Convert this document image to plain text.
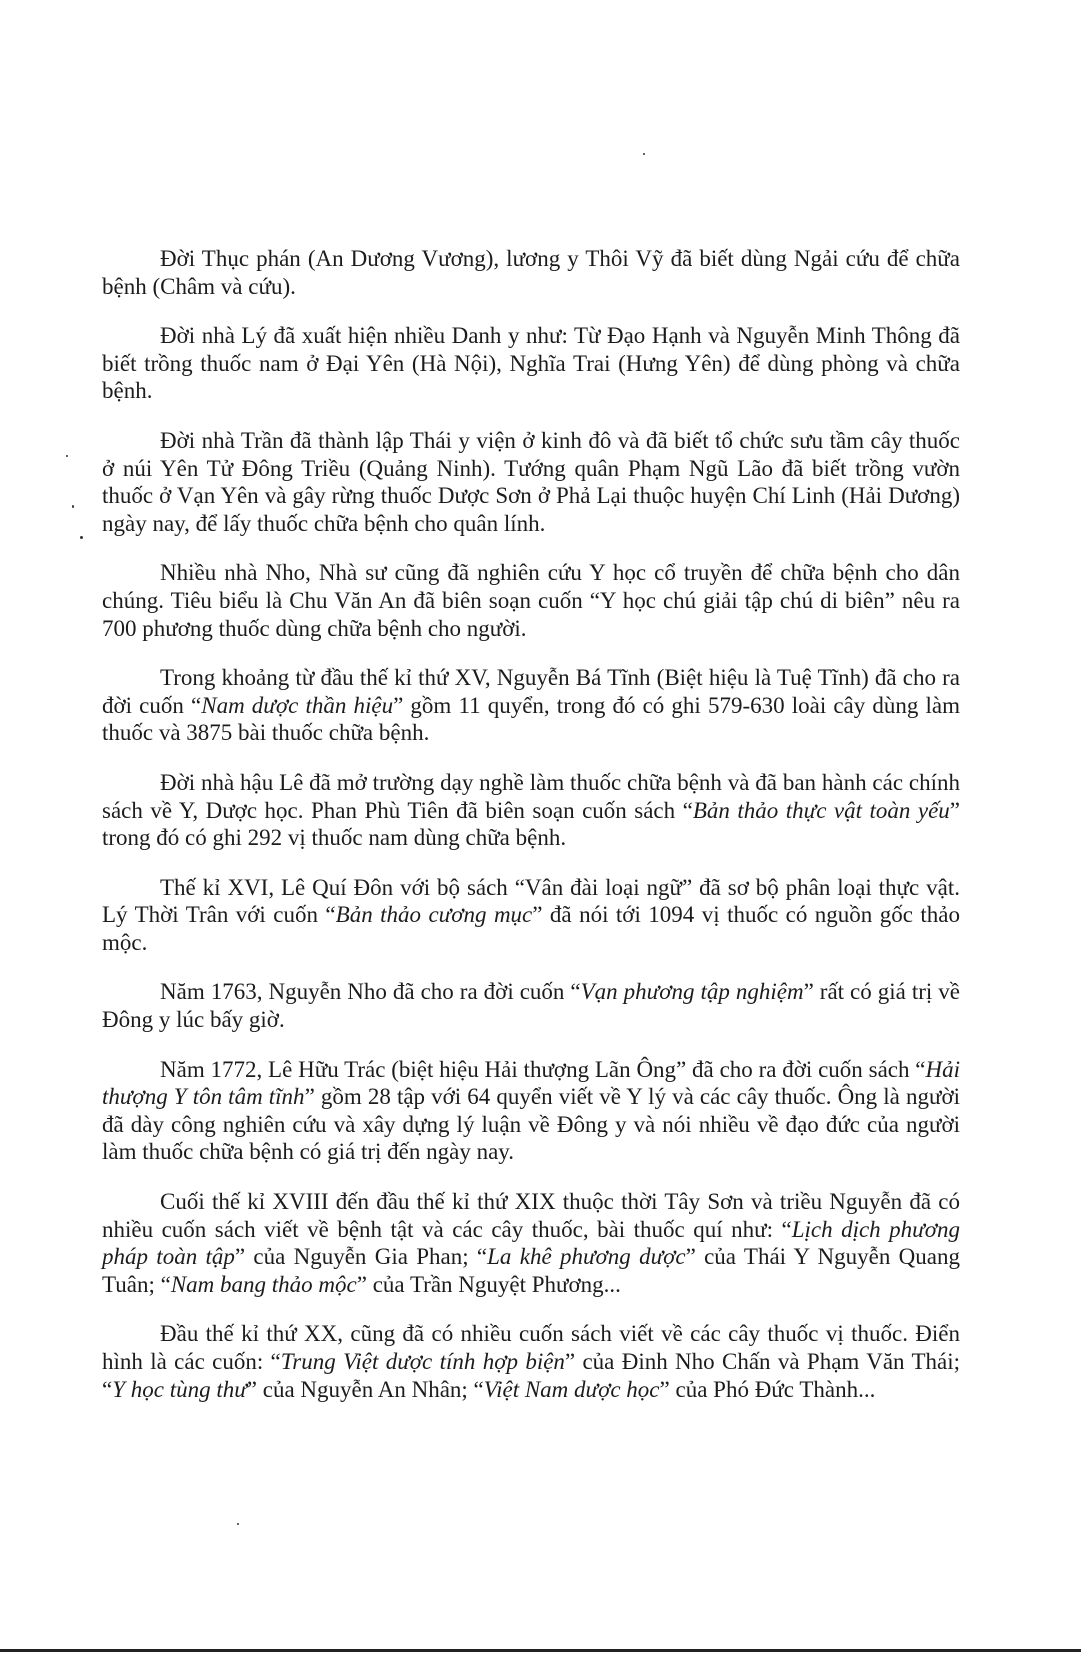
Đời Thục phán (An Dương Vương), lương y Thôi Vỹ đã biết dùng Ngải cứu để chữa bệnh (Châm và cứu).

Đời nhà Lý đã xuất hiện nhiều Danh y như: Từ Đạo Hạnh và Nguyễn Minh Thông đã biết trồng thuốc nam ở Đại Yên (Hà Nội), Nghĩa Trai (Hưng Yên) để dùng phòng và chữa bệnh.

Đời nhà Trần đã thành lập Thái y viện ở kinh đô và đã biết tổ chức sưu tầm cây thuốc ở núi Yên Tử Đông Triều (Quảng Ninh). Tướng quân Phạm Ngũ Lão đã biết trồng vườn thuốc ở Vạn Yên và gây rừng thuốc Dược Sơn ở Phả Lại thuộc huyện Chí Linh (Hải Dương) ngày nay, để lấy thuốc chữa bệnh cho quân lính.

Nhiều nhà Nho, Nhà sư cũng đã nghiên cứu Y học cổ truyền để chữa bệnh cho dân chúng. Tiêu biểu là Chu Văn An đã biên soạn cuốn “Y học chú giải tập chú di biên” nêu ra 700 phương thuốc dùng chữa bệnh cho người.

Trong khoảng từ đầu thế kỉ thứ XV, Nguyễn Bá Tĩnh (Biệt hiệu là Tuệ Tĩnh) đã cho ra đời cuốn “Nam dược thần hiệu” gồm 11 quyển, trong đó có ghi 579-630 loài cây dùng làm thuốc và 3875 bài thuốc chữa bệnh.

Đời nhà hậu Lê đã mở trường dạy nghề làm thuốc chữa bệnh và đã ban hành các chính sách về Y, Dược học. Phan Phù Tiên đã biên soạn cuốn sách “Bản thảo thực vật toàn yếu” trong đó có ghi 292 vị thuốc nam dùng chữa bệnh.

Thế kỉ XVI, Lê Quí Đôn với bộ sách “Vân đài loại ngữ” đã sơ bộ phân loại thực vật. Lý Thời Trân với cuốn “Bản thảo cương mục” đã nói tới 1094 vị thuốc có nguồn gốc thảo mộc.

Năm 1763, Nguyễn Nho đã cho ra đời cuốn “Vạn phương tập nghiệm” rất có giá trị về Đông y lúc bấy giờ.

Năm 1772, Lê Hữu Trác (biệt hiệu Hải thượng Lãn Ông” đã cho ra đời cuốn sách “Hải thượng Y tôn tâm tĩnh” gồm 28 tập với 64 quyển viết về Y lý và các cây thuốc. Ông là người đã dày công nghiên cứu và xây dựng lý luận về Đông y và nói nhiều về đạo đức của người làm thuốc chữa bệnh có giá trị đến ngày nay.

Cuối thế kỉ XVIII đến đầu thế kỉ thứ XIX thuộc thời Tây Sơn và triều Nguyễn đã có nhiều cuốn sách viết về bệnh tật và các cây thuốc, bài thuốc quí như: “Lịch dịch phương pháp toàn tập” của Nguyễn Gia Phan; “La khê phương dược” của Thái Y Nguyễn Quang Tuân; “Nam bang thảo mộc” của Trần Nguyệt Phương...

Đầu thế kỉ thứ XX, cũng đã có nhiều cuốn sách viết về các cây thuốc vị thuốc. Điển hình là các cuốn: “Trung Việt dược tính hợp biện” của Đinh Nho Chấn và Phạm Văn Thái; “Y học tùng thư” của Nguyễn An Nhân; “Việt Nam dược học” của Phó Đức Thành...
